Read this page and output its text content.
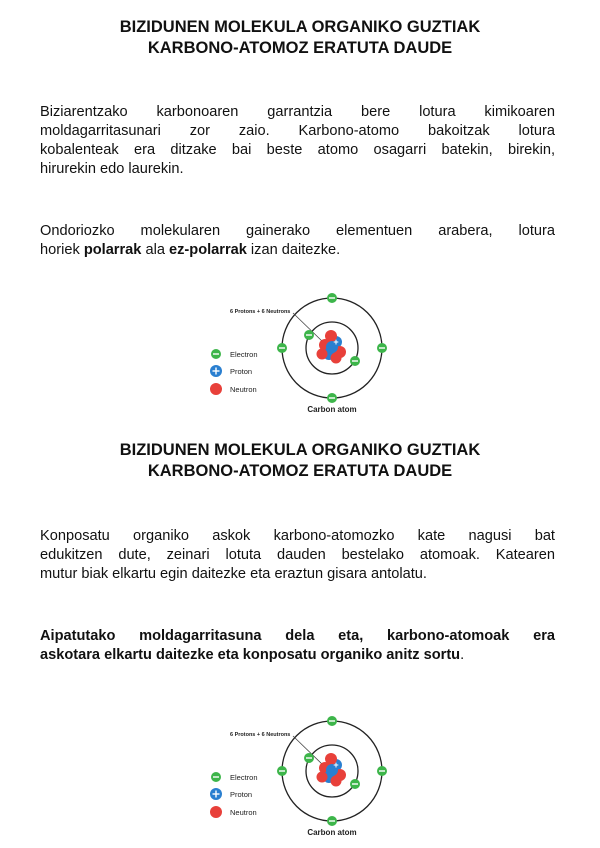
BIZIDUNEN MOLEKULA ORGANIKO GUZTIAK
KARBONO-ATOMOZ ERATUTA DAUDE
Biziarentzako karbonoaren garrantzia bere lotura kimikoaren
moldagarritasunari zor zaio. Karbono-atomo bakoitzak lotura
kobalenteak era ditzake bai beste atomo osagarri batekin, birekin,
hirurekin edo laurekin.
Ondoriozko molekularen gainerako elementuen arabera, lotura
horiek polarrak ala ez-polarrak izan daitezke.
+
Electron
Proton
Neutron
6 Protons + 6 Neutrons
Carbon atom
BIZIDUNEN MOLEKULA ORGANIKO GUZTIAK
KARBONO-ATOMOZ ERATUTA DAUDE
Konposatu organiko askok karbono-atomozko kate nagusi bat
edukitzen dute, zeinari lotuta dauden bestelako atomoak. Katearen
mutur biak elkartu egin daitezke eta eraztun gisara antolatu.
Aipatutako moldagarritasuna dela eta, karbono-atomoak era
askotara elkartu daitezke eta konposatu organiko anitz sortu.
+
Electron
Proton
Neutron
6 Protons + 6 Neutrons
Carbon atom
